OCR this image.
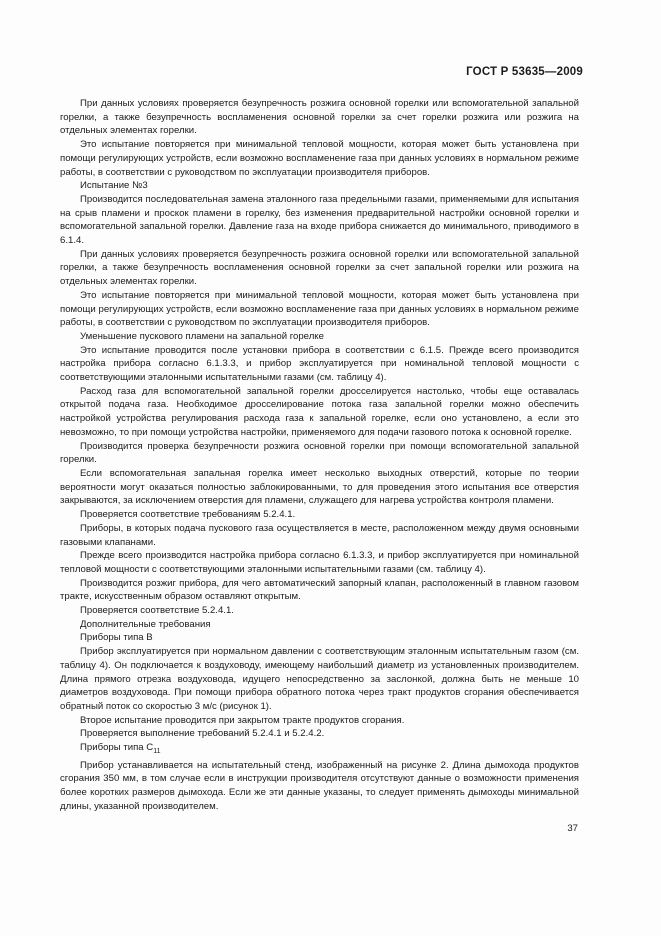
ГОСТ Р 53635—2009

При данных условиях проверяется безупречность розжига основной горелки или вспомогательной запальной горелки, а также безупречность воспламенения основной горелки за счет горелки розжига или розжига на отдельных элементах горелки.

Это испытание повторяется при минимальной тепловой мощности, которая может быть установлена при помощи регулирующих устройств, если возможно воспламенение газа при данных условиях в нормальном режиме работы, в соответствии с руководством по эксплуатации производителя приборов.

Испытание №3

Производится последовательная замена эталонного газа предельными газами, применяемыми для испытания на срыв пламени и проскок пламени в горелку, без изменения предварительной настройки основной горелки и вспомогательной запальной горелки. Давление газа на входе прибора снижается до минимального, приводимого в 6.1.4.

При данных условиях проверяется безупречность розжига основной горелки или вспомогательной запальной горелки, а также безупречность воспламенения основной горелки за счет запальной горелки или розжига на отдельных элементах горелки.

Это испытание повторяется при минимальной тепловой мощности, которая может быть установлена при помощи регулирующих устройств, если возможно воспламенение газа при данных условиях в нормальном режиме работы, в соответствии с руководством по эксплуатации производителя приборов.

Уменьшение пускового пламени на запальной горелке

Это испытание проводится после установки прибора в соответствии с 6.1.5. Прежде всего производится настройка прибора согласно 6.1.3.3, и прибор эксплуатируется при номинальной тепловой мощности с соответствующими эталонными испытательными газами (см. таблицу 4).

Расход газа для вспомогательной запальной горелки дросселируется настолько, чтобы еще оставалась открытой подача газа. Необходимое дросселирование потока газа запальной горелки можно обеспечить настройкой устройства регулирования расхода газа к запальной горелке, если оно установлено, а если это невозможно, то при помощи устройства настройки, применяемого для подачи газового потока к основной горелке.

Производится проверка безупречности розжига основной горелки при помощи вспомогательной запальной горелки.

Если вспомогательная запальная горелка имеет несколько выходных отверстий, которые по теории вероятности могут оказаться полностью заблокированными, то для проведения этого испытания все отверстия закрываются, за исключением отверстия для пламени, служащего для нагрева устройства контроля пламени.

Проверяется соответствие требованиям 5.2.4.1.

Приборы, в которых подача пускового газа осуществляется в месте, расположенном между двумя основными газовыми клапанами.

Прежде всего производится настройка прибора согласно 6.1.3.3, и прибор эксплуатируется при номинальной тепловой мощности с соответствующими эталонными испытательными газами (см. таблицу 4).

Производится розжиг прибора, для чего автоматический запорный клапан, расположенный в главном газовом тракте, искусственным образом оставляют открытым.

Проверяется соответствие 5.2.4.1.

Дополнительные требования

Приборы типа В

Прибор эксплуатируется при нормальном давлении с соответствующим эталонным испытательным газом (см. таблицу 4). Он подключается к воздуховоду, имеющему наибольший диаметр из установленных производителем. Длина прямого отрезка воздуховода, идущего непосредственно за заслонкой, должна быть не меньше 10 диаметров воздуховода. При помощи прибора обратного потока через тракт продуктов сгорания обеспечивается обратный поток со скоростью 3 м/с (рисунок 1).

Второе испытание проводится при закрытом тракте продуктов сгорания.

Проверяется выполнение требований 5.2.4.1 и 5.2.4.2.

Приборы типа $С_{11}$

Прибор устанавливается на испытательный стенд, изображенный на рисунке 2. Длина дымохода продуктов сгорания 350 мм, в том случае если в инструкции производителя отсутствуют данные о возможности применения более коротких размеров дымохода. Если же эти данные указаны, то следует применять дымоходы минимальной длины, указанной производителем.

37
